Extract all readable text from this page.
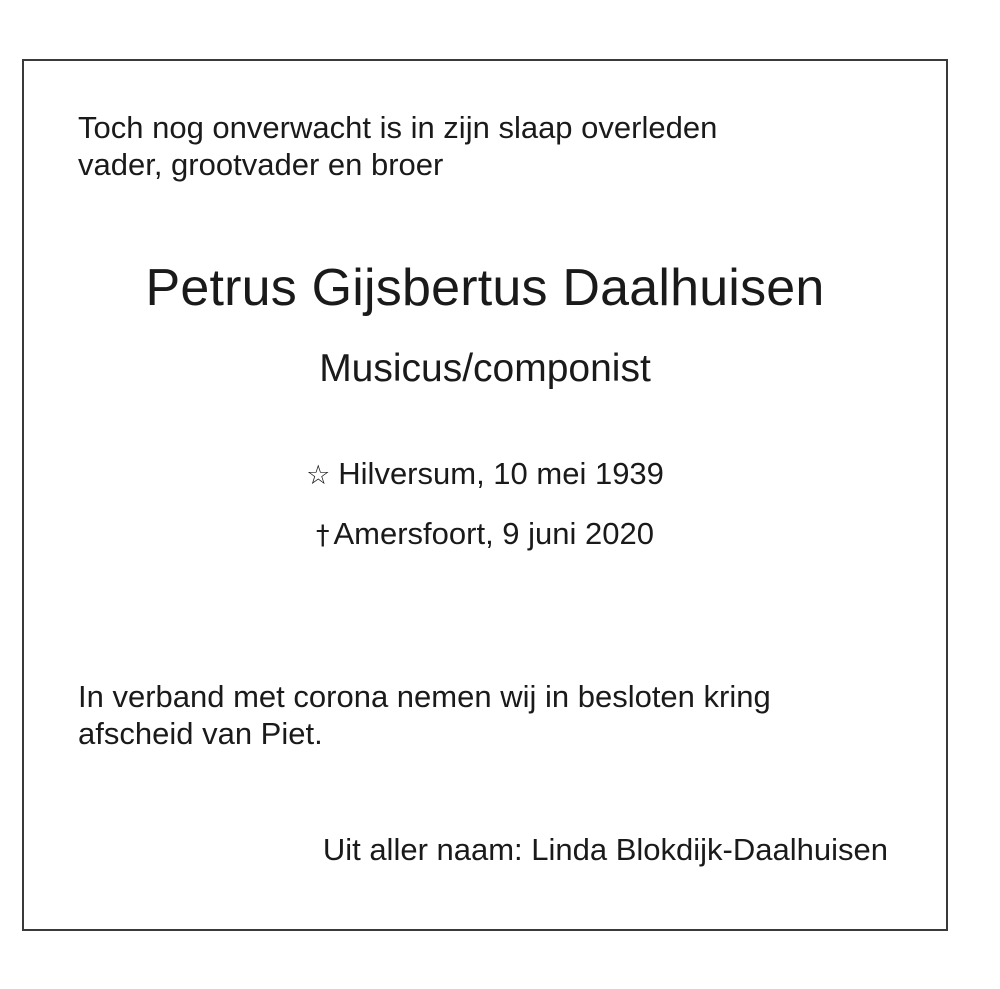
Toch nog onverwacht is in zijn slaap overleden
vader, grootvader en broer

Petrus Gijsbertus Daalhuisen
Musicus/componist
☆ Hilversum, 10 mei 1939
† Amersfoort, 9 juni 2020

In verband met corona nemen wij in besloten kring
afscheid van Piet.

Uit aller naam: Linda Blokdijk-Daalhuisen
